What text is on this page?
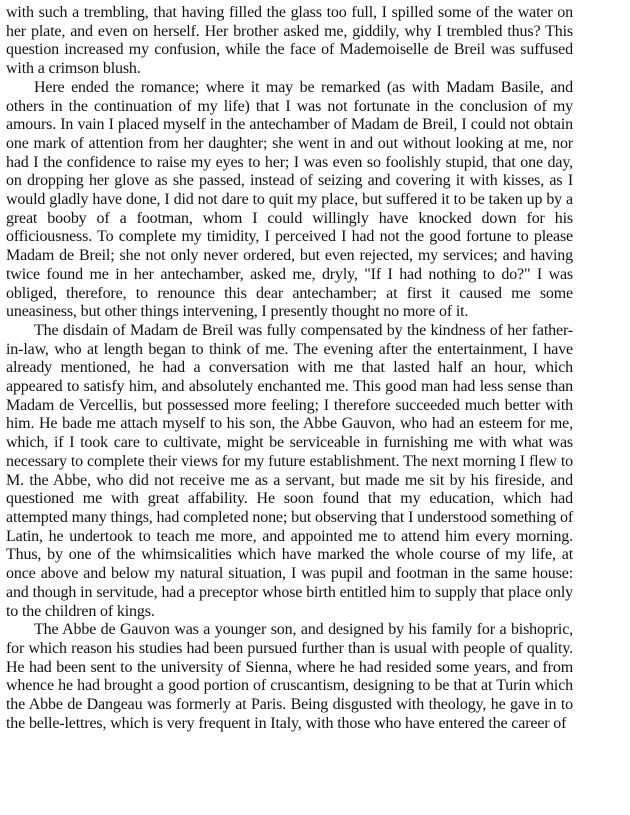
with such a trembling, that having filled the glass too full, I spilled some of the water on her plate, and even on herself. Her brother asked me, giddily, why I trembled thus? This question increased my confusion, while the face of Mademoiselle de Breil was suffused with a crimson blush.

Here ended the romance; where it may be remarked (as with Madam Basile, and others in the continuation of my life) that I was not fortunate in the conclusion of my amours. In vain I placed myself in the antechamber of Madam de Breil, I could not obtain one mark of attention from her daughter; she went in and out without looking at me, nor had I the confidence to raise my eyes to her; I was even so foolishly stupid, that one day, on dropping her glove as she passed, instead of seizing and covering it with kisses, as I would gladly have done, I did not dare to quit my place, but suffered it to be taken up by a great booby of a footman, whom I could willingly have knocked down for his officiousness. To complete my timidity, I perceived I had not the good fortune to please Madam de Breil; she not only never ordered, but even rejected, my services; and having twice found me in her antechamber, asked me, dryly, "If I had nothing to do?" I was obliged, therefore, to renounce this dear antechamber; at first it caused me some uneasiness, but other things intervening, I presently thought no more of it.

The disdain of Madam de Breil was fully compensated by the kindness of her father-in-law, who at length began to think of me. The evening after the entertainment, I have already mentioned, he had a conversation with me that lasted half an hour, which appeared to satisfy him, and absolutely enchanted me. This good man had less sense than Madam de Vercellis, but possessed more feeling; I therefore succeeded much better with him. He bade me attach myself to his son, the Abbe Gauvon, who had an esteem for me, which, if I took care to cultivate, might be serviceable in furnishing me with what was necessary to complete their views for my future establishment. The next morning I flew to M. the Abbe, who did not receive me as a servant, but made me sit by his fireside, and questioned me with great affability. He soon found that my education, which had attempted many things, had completed none; but observing that I understood something of Latin, he undertook to teach me more, and appointed me to attend him every morning. Thus, by one of the whimsicalities which have marked the whole course of my life, at once above and below my natural situation, I was pupil and footman in the same house: and though in servitude, had a preceptor whose birth entitled him to supply that place only to the children of kings.

The Abbe de Gauvon was a younger son, and designed by his family for a bishopric, for which reason his studies had been pursued further than is usual with people of quality. He had been sent to the university of Sienna, where he had resided some years, and from whence he had brought a good portion of cruscantism, designing to be that at Turin which the Abbe de Dangeau was formerly at Paris. Being disgusted with theology, he gave in to the belle-lettres, which is very frequent in Italy, with those who have entered the career of
